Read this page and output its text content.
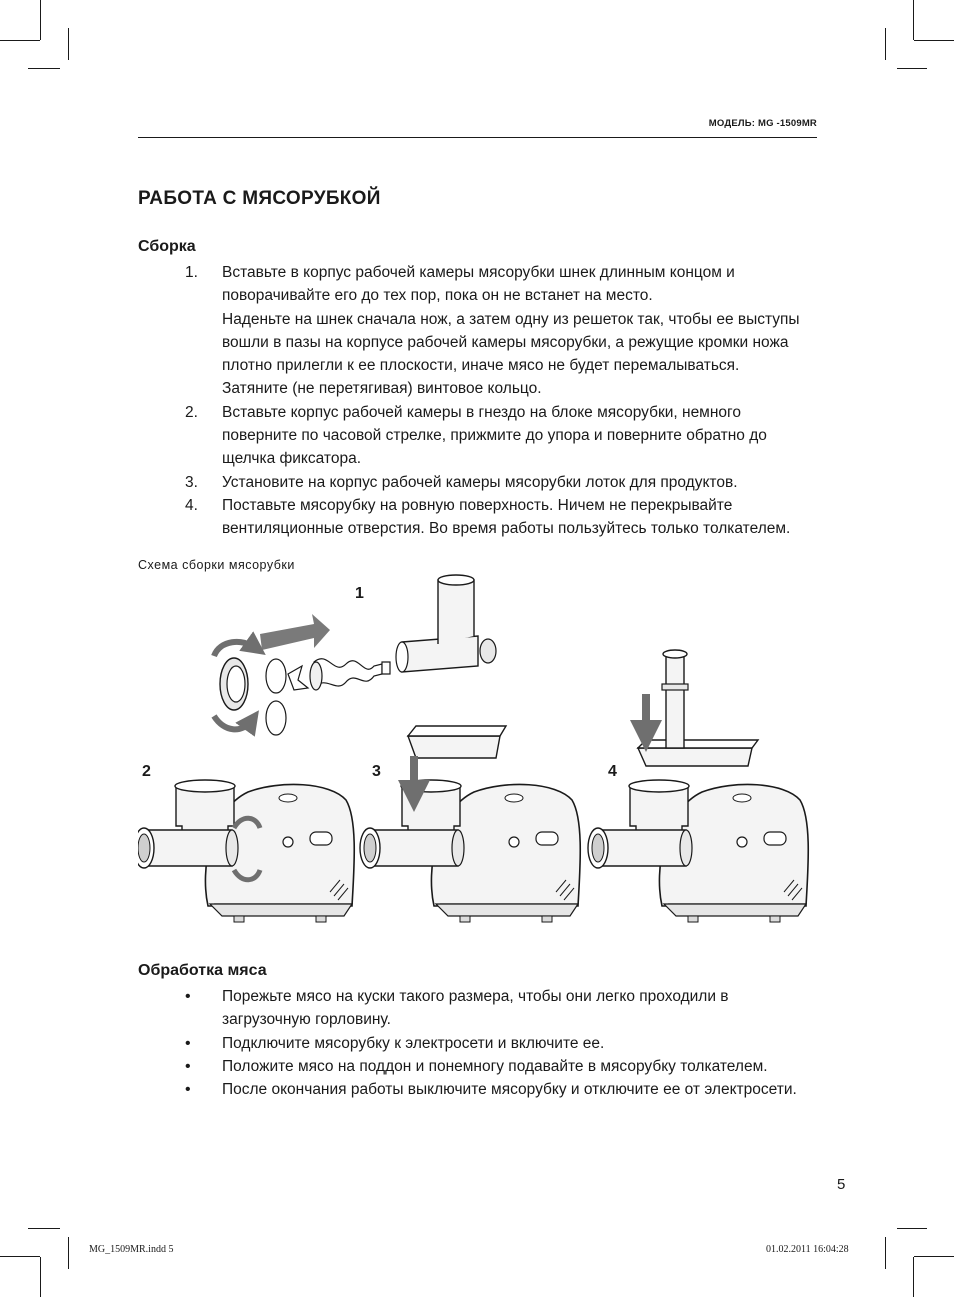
МОДЕЛЬ: MG -1509MR
РАБОТА С МЯСОРУБКОЙ
Сборка
1. Вставьте в корпус рабочей камеры мясорубки шнек длинным концом и
поворачивайте его до тех пор, пока он не встанет на место.
Наденьте на шнек сначала нож, а затем одну из решеток так, чтобы ее выступы
вошли в пазы на корпусе рабочей камеры мясорубки, а режущие кромки ножа
плотно прилегли к ее плоскости, иначе мясо не будет перемалываться.
Затяните (не перетягивая) винтовое кольцо.
2. Вставьте корпус рабочей камеры в гнездо на блоке мясорубки, немного
поверните по часовой стрелке, прижмите до упора и поверните обратно до
щелчка фиксатора.
3. Установите на корпус рабочей камеры мясорубки лоток для продуктов.
4. Поставьте мясорубку на ровную поверхность. Ничем не перекрывайте
вентиляционные отверстия. Во время работы пользуйтесь только толкателем.
Схема сборки мясорубки
1
2	3	4
Обработка мяса
• Порежьте мясо на куски такого размера, чтобы они легко проходили в
загрузочную горловину.
• Подключите мясорубку к электросети и включите ее.
• Положите мясо на поддон и понемногу подавайте в мясорубку толкателем.
• После окончания работы выключите мясорубку и отключите ее от электросети.
5
MG_1509MR.indd 5	01.02.2011 16:04:28
